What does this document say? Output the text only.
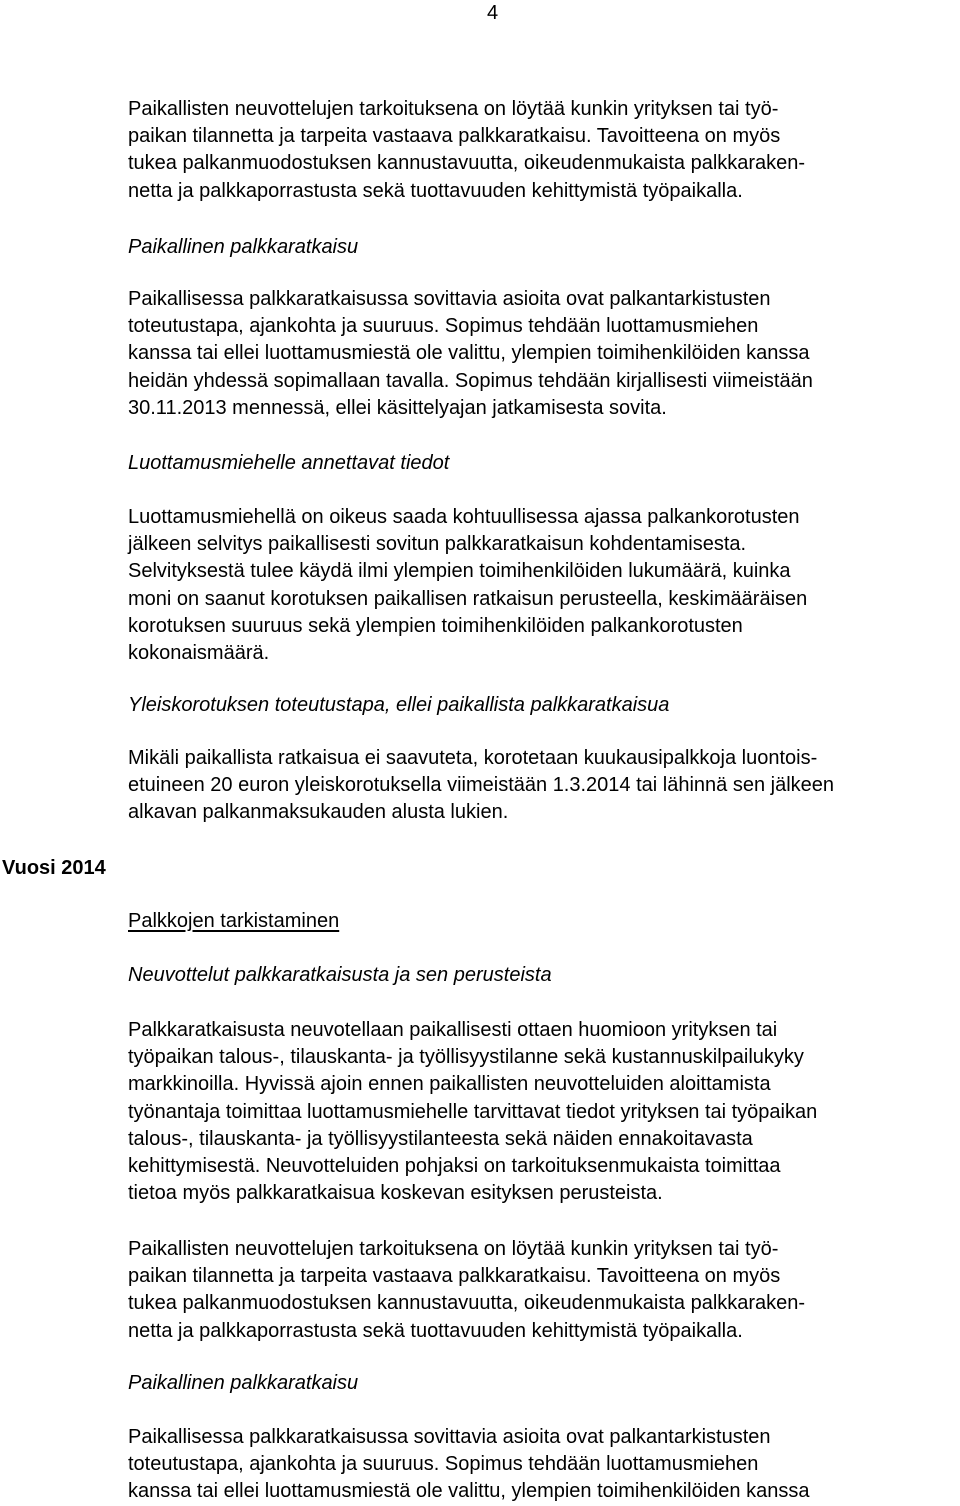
4
Vuosi 2014

Paikallisten neuvottelujen tarkoituksena on löytää kunkin yrityksen tai työ-
paikan tilannetta ja tarpeita vastaava palkkaratkaisu. Tavoitteena on myös
tukea palkanmuodostuksen kannustavuutta, oikeudenmukaista palkkaraken-
netta ja palkkaporrastusta sekä tuottavuuden kehittymistä työpaikalla.

Paikallinen palkkaratkaisu

Paikallisessa palkkaratkaisussa sovittavia asioita ovat palkantarkistusten
toteutustapa, ajankohta ja suuruus. Sopimus tehdään luottamusmiehen
kanssa tai ellei luottamusmiestä ole valittu, ylempien toimihenkilöiden kanssa
heidän yhdessä sopimallaan tavalla. Sopimus tehdään kirjallisesti viimeistään
30.11.2013 mennessä, ellei käsittelyajan jatkamisesta sovita.

Luottamusmiehelle annettavat tiedot

Luottamusmiehellä on oikeus saada kohtuullisessa ajassa palkankorotusten
jälkeen selvitys paikallisesti sovitun palkkaratkaisun kohdentamisesta.
Selvityksestä tulee käydä ilmi ylempien toimihenkilöiden lukumäärä, kuinka
moni on saanut korotuksen paikallisen ratkaisun perusteella, keskimääräisen
korotuksen suuruus sekä ylempien toimihenkilöiden palkankorotusten
kokonaismäärä.

Yleiskorotuksen toteutustapa, ellei paikallista palkkaratkaisua

Mikäli paikallista ratkaisua ei saavuteta, korotetaan kuukausipalkkoja luontois-
etuineen 20 euron yleiskorotuksella viimeistään 1.3.2014 tai lähinnä sen jälkeen
alkavan palkanmaksukauden alusta lukien.

Palkkojen tarkistaminen

Neuvottelut palkkaratkaisusta ja sen perusteista

Palkkaratkaisusta neuvotellaan paikallisesti ottaen huomioon yrityksen tai
työpaikan talous-, tilauskanta- ja työllisyystilanne sekä kustannuskilpailukyky
markkinoilla. Hyvissä ajoin ennen paikallisten neuvotteluiden aloittamista
työnantaja toimittaa luottamusmiehelle tarvittavat tiedot yrityksen tai työpaikan
talous-, tilauskanta- ja työllisyystilanteesta sekä näiden ennakoitavasta
kehittymisestä. Neuvotteluiden pohjaksi on tarkoituksenmukaista toimittaa
tietoa myös palkkaratkaisua koskevan esityksen perusteista.

Paikallisten neuvottelujen tarkoituksena on löytää kunkin yrityksen tai työ-
paikan tilannetta ja tarpeita vastaava palkkaratkaisu. Tavoitteena on myös
tukea palkanmuodostuksen kannustavuutta, oikeudenmukaista palkkaraken-
netta ja palkkaporrastusta sekä tuottavuuden kehittymistä työpaikalla.

Paikallinen palkkaratkaisu

Paikallisessa palkkaratkaisussa sovittavia asioita ovat palkantarkistusten
toteutustapa, ajankohta ja suuruus. Sopimus tehdään luottamusmiehen
kanssa tai ellei luottamusmiestä ole valittu, ylempien toimihenkilöiden kanssa
